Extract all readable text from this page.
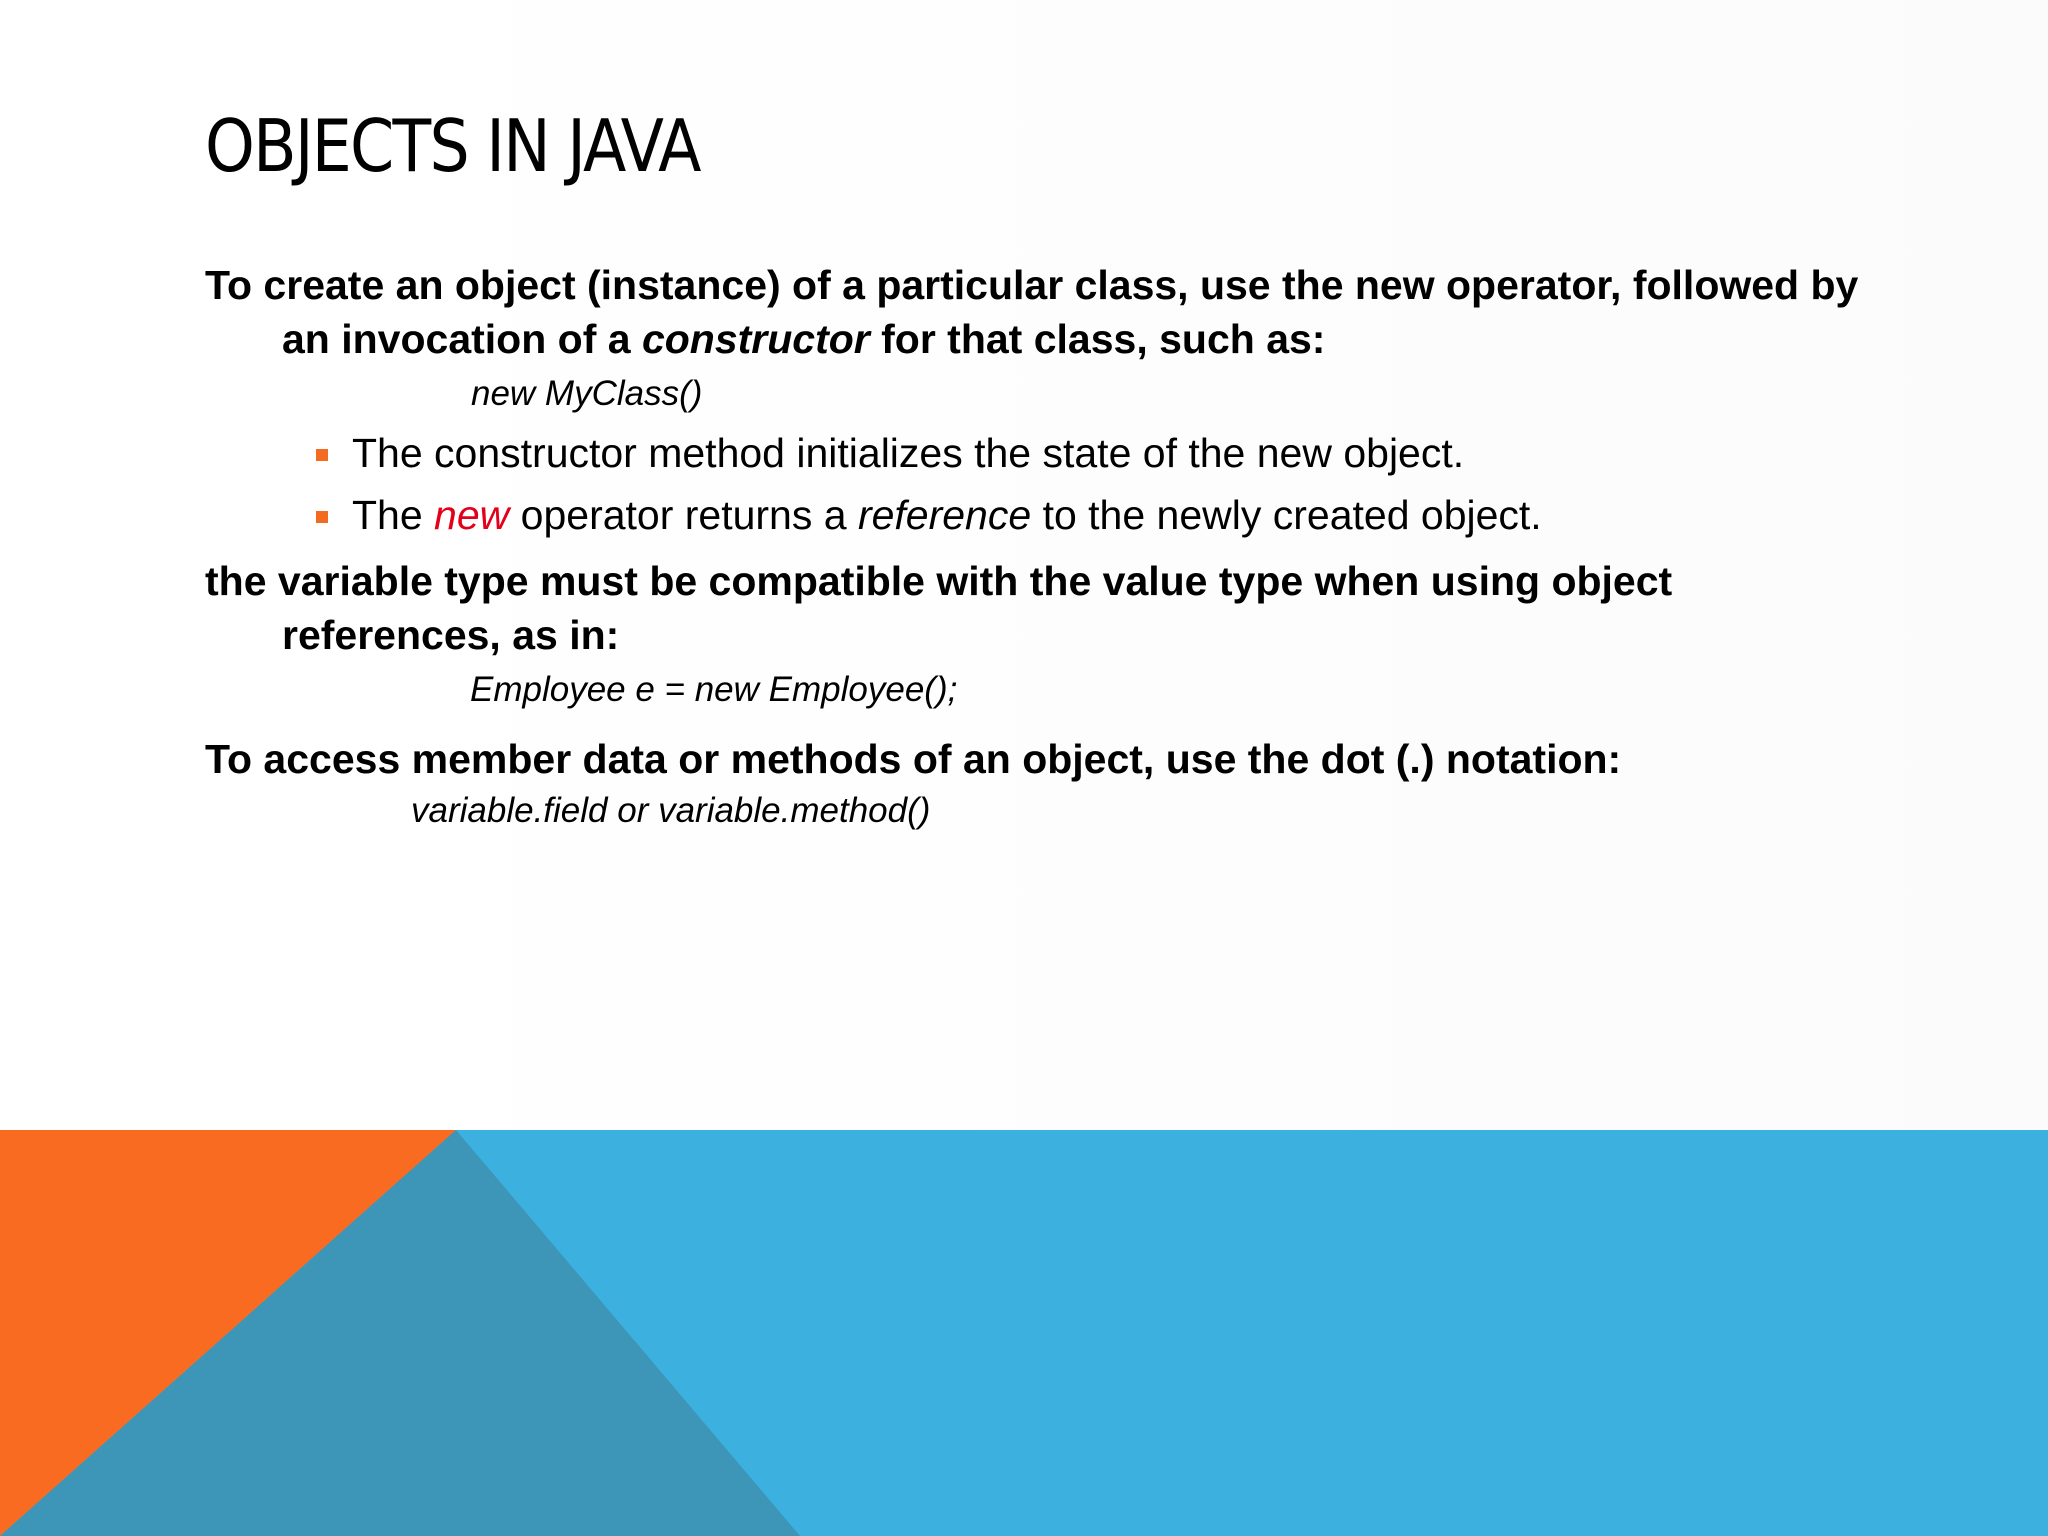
OBJECTS IN JAVA

To create an object (instance) of a particular class, use the new operator, followed by an invocation of a constructor for that class, such as:

new MyClass()

The constructor method initializes the state of the new object.
The new operator returns a reference to the newly created object.

the variable type must be compatible with the value type when using object references, as in:

Employee e = new Employee();

To access member data or methods of an object, use the dot (.) notation:

variable.field or variable.method()
